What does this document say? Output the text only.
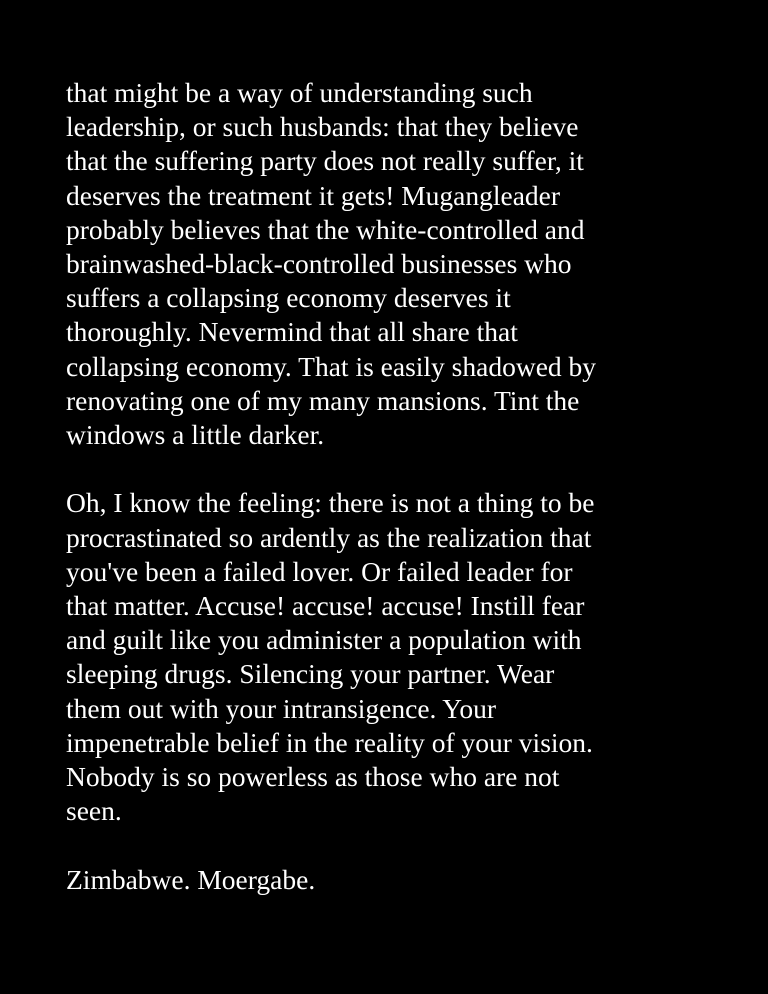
that might be a way of understanding such
leadership, or such husbands: that they believe
that the suffering party does not really suffer, it
deserves the treatment it gets! Mugangleader
probably believes that the white-controlled and
brainwashed-black-controlled businesses who
suffers a collapsing economy deserves it
thoroughly. Nevermind that all share that
collapsing economy. That is easily shadowed by
renovating one of my many mansions. Tint the
windows a little darker.
Oh, I know the feeling: there is not a thing to be
procrastinated so ardently as the realization that
you've been a failed lover. Or failed leader for
that matter. Accuse! accuse! accuse! Instill fear
and guilt like you administer a population with
sleeping drugs. Silencing your partner. Wear
them out with your intransigence. Your
impenetrable belief in the reality of your vision.
Nobody is so powerless as those who are not
seen.
Zimbabwe. Moergabe.
